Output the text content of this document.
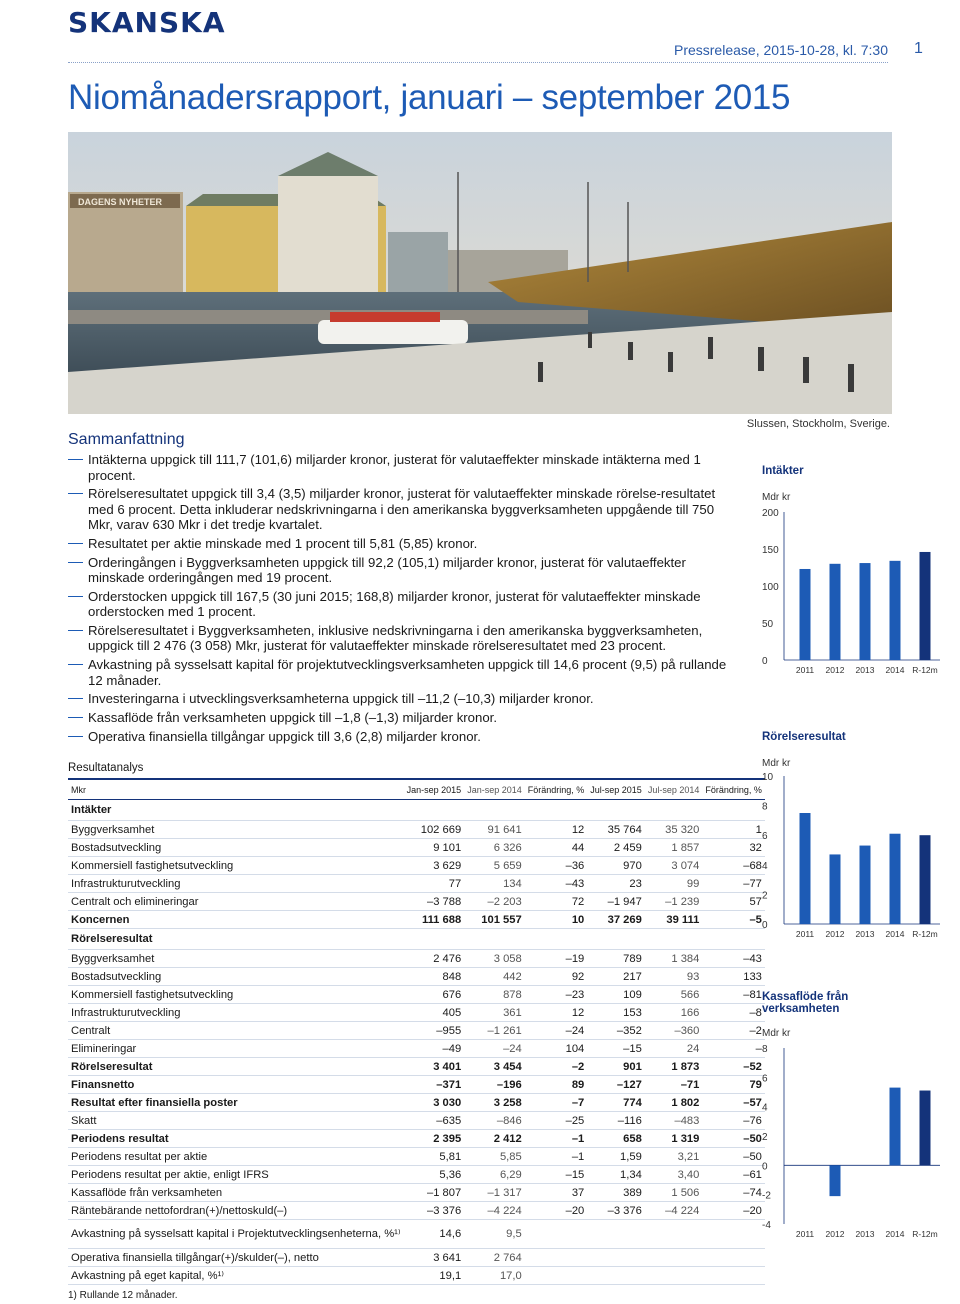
SKANSKA
Pressrelease, 2015-10-28, kl. 7:30 1
Niomånadersrapport, januari – september 2015
DAGENS NYHETER
Slussen, Stockholm, Sverige.
Sammanfattning
Intäkterna uppgick till 111,7 (101,6) miljarder kronor, justerat för valutaeffekter minskade intäkterna med 1 procent.
Rörelseresultatet uppgick till 3,4 (3,5) miljarder kronor, justerat för valutaeffekter minskade rörelse-resultatet med 6 procent. Detta inkluderar nedskrivningarna i den amerikanska byggverksamheten uppgående till 750 Mkr, varav 630 Mkr i det tredje kvartalet.
Resultatet per aktie minskade med 1 procent till 5,81 (5,85) kronor.
Orderingången i Byggverksamheten uppgick till 92,2 (105,1) miljarder kronor, justerat för valutaeffekter minskade orderingången med 19 procent.
Orderstocken uppgick till 167,5 (30 juni 2015; 168,8) miljarder kronor, justerat för valutaeffekter minskade orderstocken med 1 procent.
Rörelseresultatet i Byggverksamheten, inklusive nedskrivningarna i den amerikanska byggverksamheten, uppgick till 2 476 (3 058) Mkr, justerat för valutaeffekter minskade rörelseresultatet med 23 procent.
Avkastning på sysselsatt kapital för projektutvecklingsverksamheten uppgick till 14,6 procent (9,5) på rullande 12 månader.
Investeringarna i utvecklingsverksamheterna uppgick till –11,2 (–10,3) miljarder kronor.
Kassaflöde från verksamheten uppgick till –1,8 (–1,3) miljarder kronor.
Operativa finansiella tillgångar uppgick till 3,6 (2,8) miljarder kronor.
Resultatanalys
Mkr	Jan-sep 2015	Jan-sep 2014	Förändring, %	Jul-sep 2015	Jul-sep 2014	Förändring, %
Intäkter						
Byggverksamhet	102 669	91 641	12	35 764	35 320	1
Bostadsutveckling	9 101	6 326	44	2 459	1 857	32
Kommersiell fastighetsutveckling	3 629	5 659	–36	970	3 074	–68
Infrastrukturutveckling	77	134	–43	23	99	–77
Centralt och elimineringar	–3 788	–2 203	72	–1 947	–1 239	57
Koncernen	111 688	101 557	10	37 269	39 111	–5
Rörelseresultat						
Byggverksamhet	2 476	3 058	–19	789	1 384	–43
Bostadsutveckling	848	442	92	217	93	133
Kommersiell fastighetsutveckling	676	878	–23	109	566	–81
Infrastrukturutveckling	405	361	12	153	166	–8
Centralt	–955	–1 261	–24	–352	–360	–2
Elimineringar	–49	–24	104	–15	24	–
Rörelseresultat	3 401	3 454	–2	901	1 873	–52
Finansnetto	–371	–196	89	–127	–71	79
Resultat efter finansiella poster	3 030	3 258	–7	774	1 802	–57
Skatt	–635	–846	–25	–116	–483	–76
Periodens resultat	2 395	2 412	–1	658	1 319	–50
Periodens resultat per aktie	5,81	5,85	–1	1,59	3,21	–50
Periodens resultat per aktie, enligt IFRS	5,36	6,29	–15	1,34	3,40	–61
Kassaflöde från verksamheten	–1 807	–1 317	37	389	1 506	–74
Räntebärande nettofordran(+)/nettoskuld(–)	–3 376	–4 224	–20	–3 376	–4 224	–20
Avkastning på sysselsatt kapital i Projektutvecklingsenheterna, %¹⁾	14,6	9,5				
Operativa finansiella tillgångar(+)/skulder(–), netto	3 641	2 764				
Avkastning på eget kapital, %¹⁾	19,1	17,0				
1) Rullande 12 månader.
Intäkter
Mdr kr
0
50
100
150
200
2011 2012 2013 2014 R-12m
Rörelseresultat
Mdr kr
0
2
4
6
8
10
2011 2012 2013 2014 R-12m
Kassaflöde från verksamheten
Mdr kr
-4
-2
0
2
4
6
8
2011 2012 2013 2014 R-12m
